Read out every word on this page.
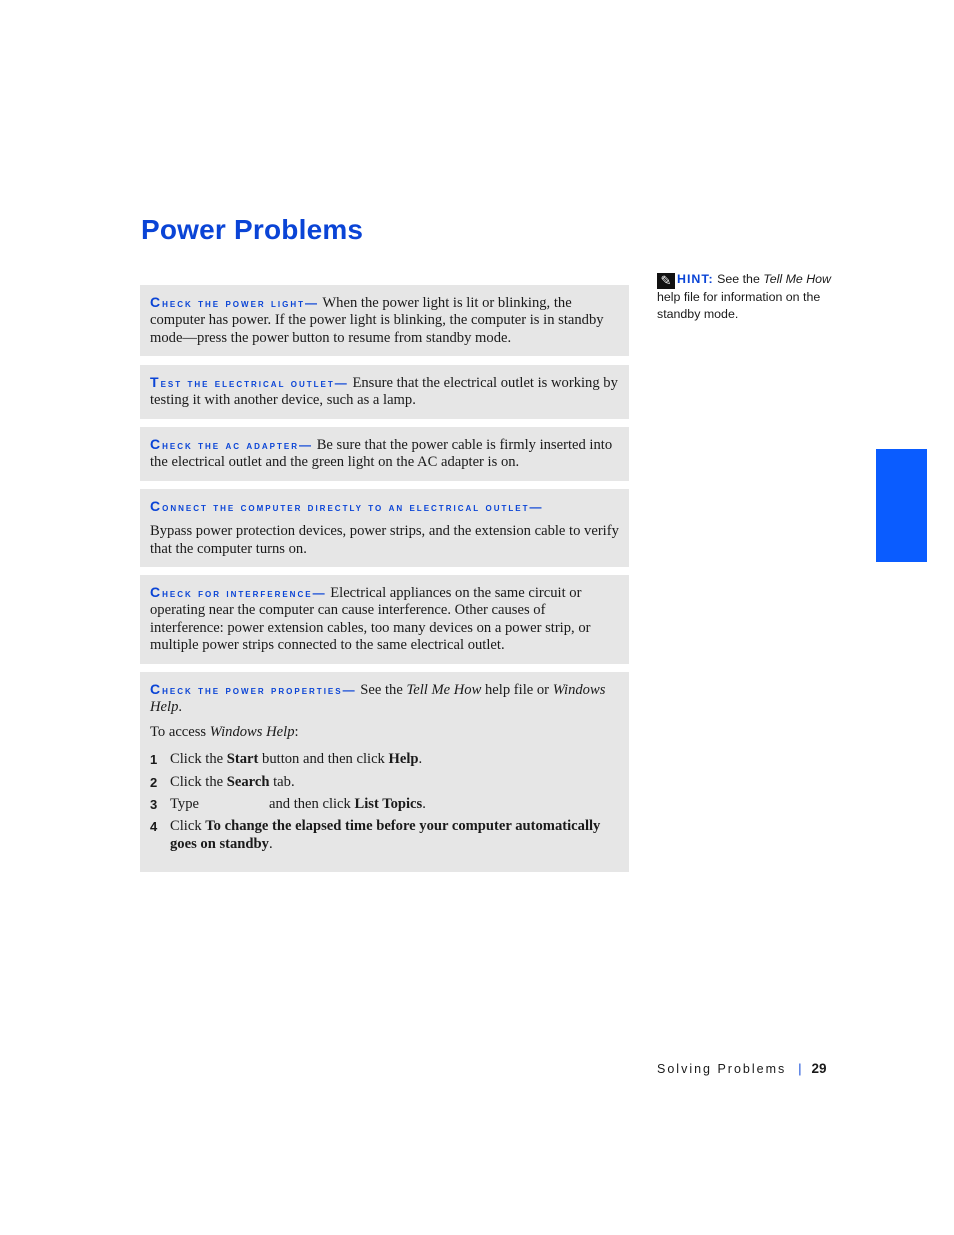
Power Problems
✎ HINT: See the Tell Me How help file for information on the standby mode.
Check the power light— When the power light is lit or blinking, the computer has power. If the power light is blinking, the computer is in standby mode—press the power button to resume from standby mode.
Test the electrical outlet— Ensure that the electrical outlet is working by testing it with another device, such as a lamp.
Check the ac adapter— Be sure that the power cable is firmly inserted into the electrical outlet and the green light on the AC adapter is on.
Connect the computer directly to an electrical outlet—
Bypass power protection devices, power strips, and the extension cable to verify that the computer turns on.
Check for interference— Electrical appliances on the same circuit or operating near the computer can cause interference. Other causes of interference: power extension cables, too many devices on a power strip, or multiple power strips connected to the same electrical outlet.
Check the power properties— See the Tell Me How help file or Windows Help.
To access Windows Help:
1 Click the Start button and then click Help.
2 Click the Search tab.
3 Type	and then click List Topics.
4 Click To change the elapsed time before your computer automatically goes on standby.
Solving Problems | 29
